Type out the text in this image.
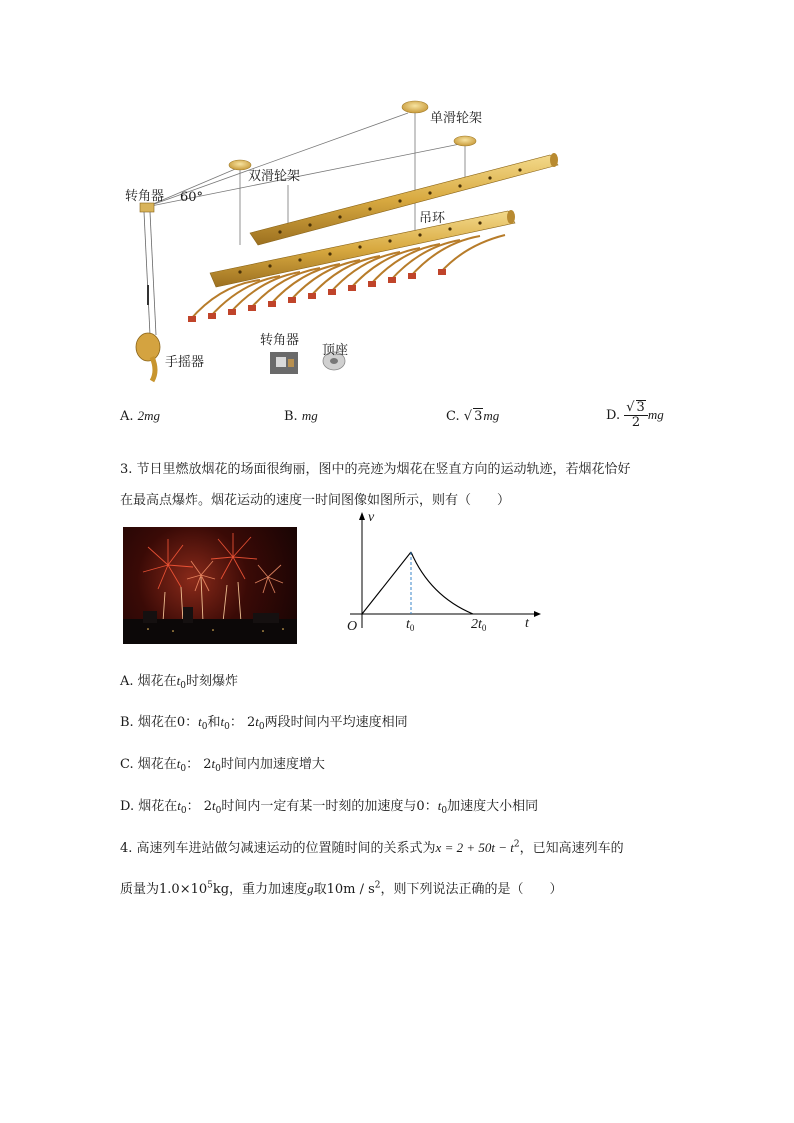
单滑轮架
双滑轮架
转角器 60°
吊环
手摇器
转角器
顶座
A. 2mg	B. mg	C. √ 3mg	D. $\frac{√ 3}{2}$ mg
3. 节日里燃放烟花的场面很绚丽，图中的亮迹为烟花在竖直方向的运动轨迹，若烟花恰好
在最高点爆炸。烟花运动的速度一时间图像如图所示，则有（　　）
v
t
O	$t_0$	$2t_0$
A. 烟花在$t_0$时刻爆炸
B. 烟花在0：$t_0$和$t_0$： $2t_0$两段时间内平均速度相同
C. 烟花在$t_0$： $2t_0$时间内加速度增大
D. 烟花在$t_0$： $2t_0$时间内一定有某一时刻的加速度与0：$t_0$加速度大小相同
4. 高速列车进站做匀减速运动的位置随时间的关系式为$x = 2 + 50t - t^2$，已知高速列车的
质量为$1.0\times 10^5kg$，重力加速度g取$10m / s^2$，则下列说法正确的是（　　）
